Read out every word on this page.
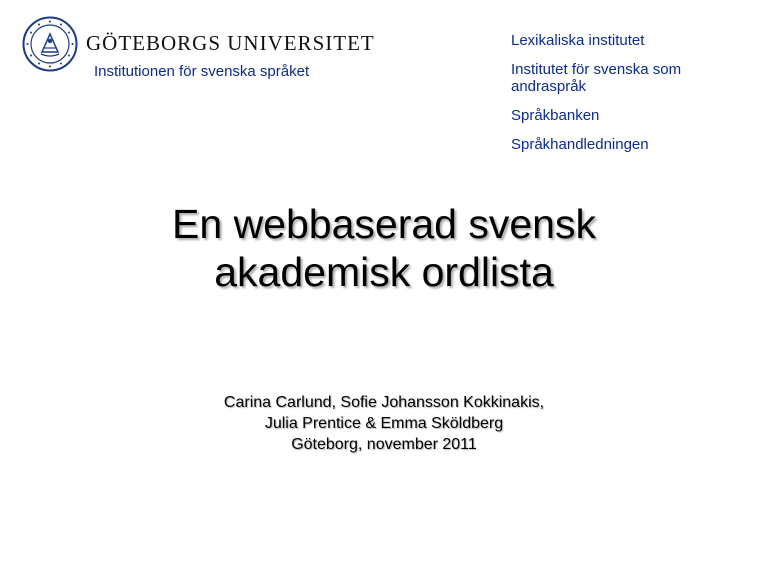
GÖTEBORGS UNIVERSITET
Institutionen för svenska språket
Lexikaliska institutet
Institutet för svenska som andraspråk
Språkbanken
Språkhandledningen
En webbaserad svensk
akademisk ordlista
Carina Carlund, Sofie Johansson Kokkinakis,
Julia Prentice & Emma Sköldberg
Göteborg, november 2011
